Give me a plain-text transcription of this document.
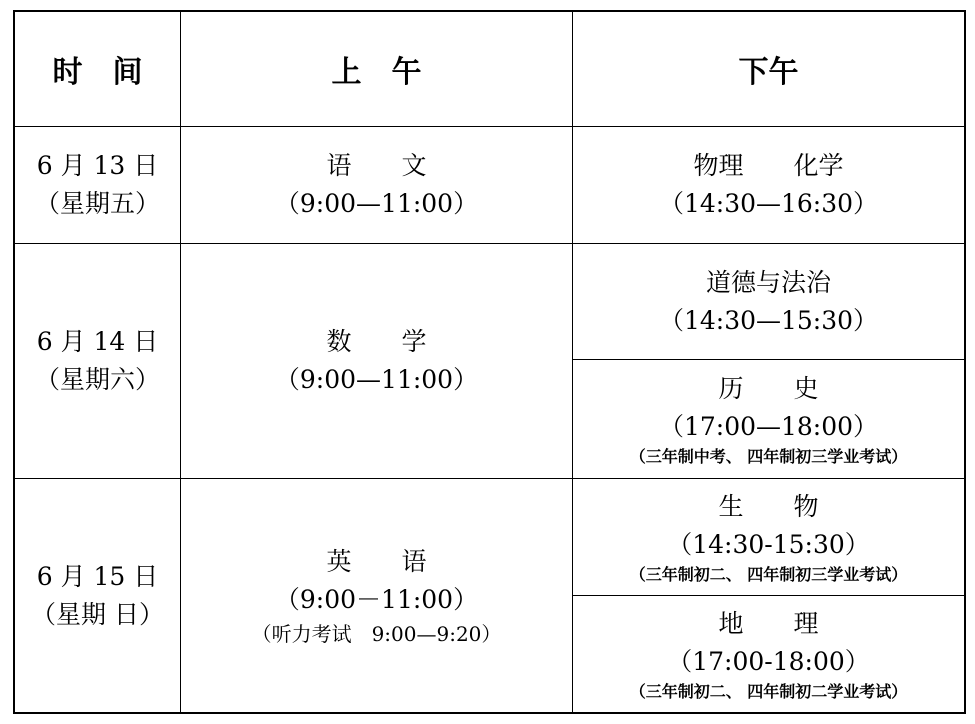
时　间	上　午	下午
6 月 13 日
（星期五）
语　　文
（9:00—11:00）
物理　　化学
（14:30—16:30）
6 月 14 日
（星期六）
数　　学
（9:00—11:00）
道德与法治
（14:30—15:30）
历　　史
（17:00—18:00）
（三年制中考、 四年制初三学业考试）
6 月 15 日
（星期 日）
英　　语
（9:00－11:00）
（听力考试　9:00—9:20）
生　　物
（14:30-15:30）
（三年制初二、 四年制初三学业考试）
地　　理
（17:00-18:00）
（三年制初二、 四年制初二学业考试）
